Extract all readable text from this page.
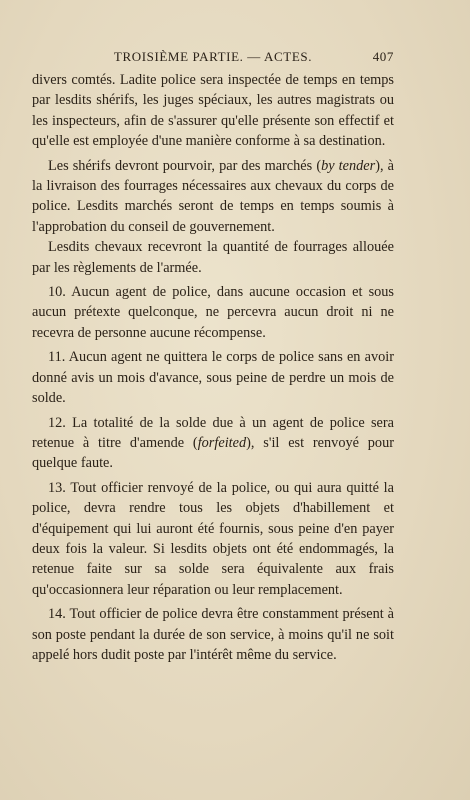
TROISIÈME PARTIE. — ACTES.	407

divers comtés. Ladite police sera inspectée de temps en temps par lesdits shérifs, les juges spéciaux, les autres magistrats ou les inspecteurs, afin de s'assurer qu'elle présente son effectif et qu'elle est employée d'une manière conforme à sa destination.

Les shérifs devront pourvoir, par des marchés (by tender), à la livraison des fourrages nécessaires aux chevaux du corps de police. Lesdits marchés seront de temps en temps soumis à l'approbation du conseil de gouvernement.

Lesdits chevaux recevront la quantité de fourrages allouée par les règlements de l'armée.

10. Aucun agent de police, dans aucune occasion et sous aucun prétexte quelconque, ne percevra aucun droit ni ne recevra de personne aucune récompense.

11. Aucun agent ne quittera le corps de police sans en avoir donné avis un mois d'avance, sous peine de perdre un mois de solde.

12. La totalité de la solde due à un agent de police sera retenue à titre d'amende (forfeited), s'il est renvoyé pour quelque faute.

13. Tout officier renvoyé de la police, ou qui aura quitté la police, devra rendre tous les objets d'habillement et d'équipement qui lui auront été fournis, sous peine d'en payer deux fois la valeur. Si lesdits objets ont été endommagés, la retenue faite sur sa solde sera équivalente aux frais qu'occasionnera leur réparation ou leur remplacement.

14. Tout officier de police devra être constamment présent à son poste pendant la durée de son service, à moins qu'il ne soit appelé hors dudit poste par l'intérêt même du service.
